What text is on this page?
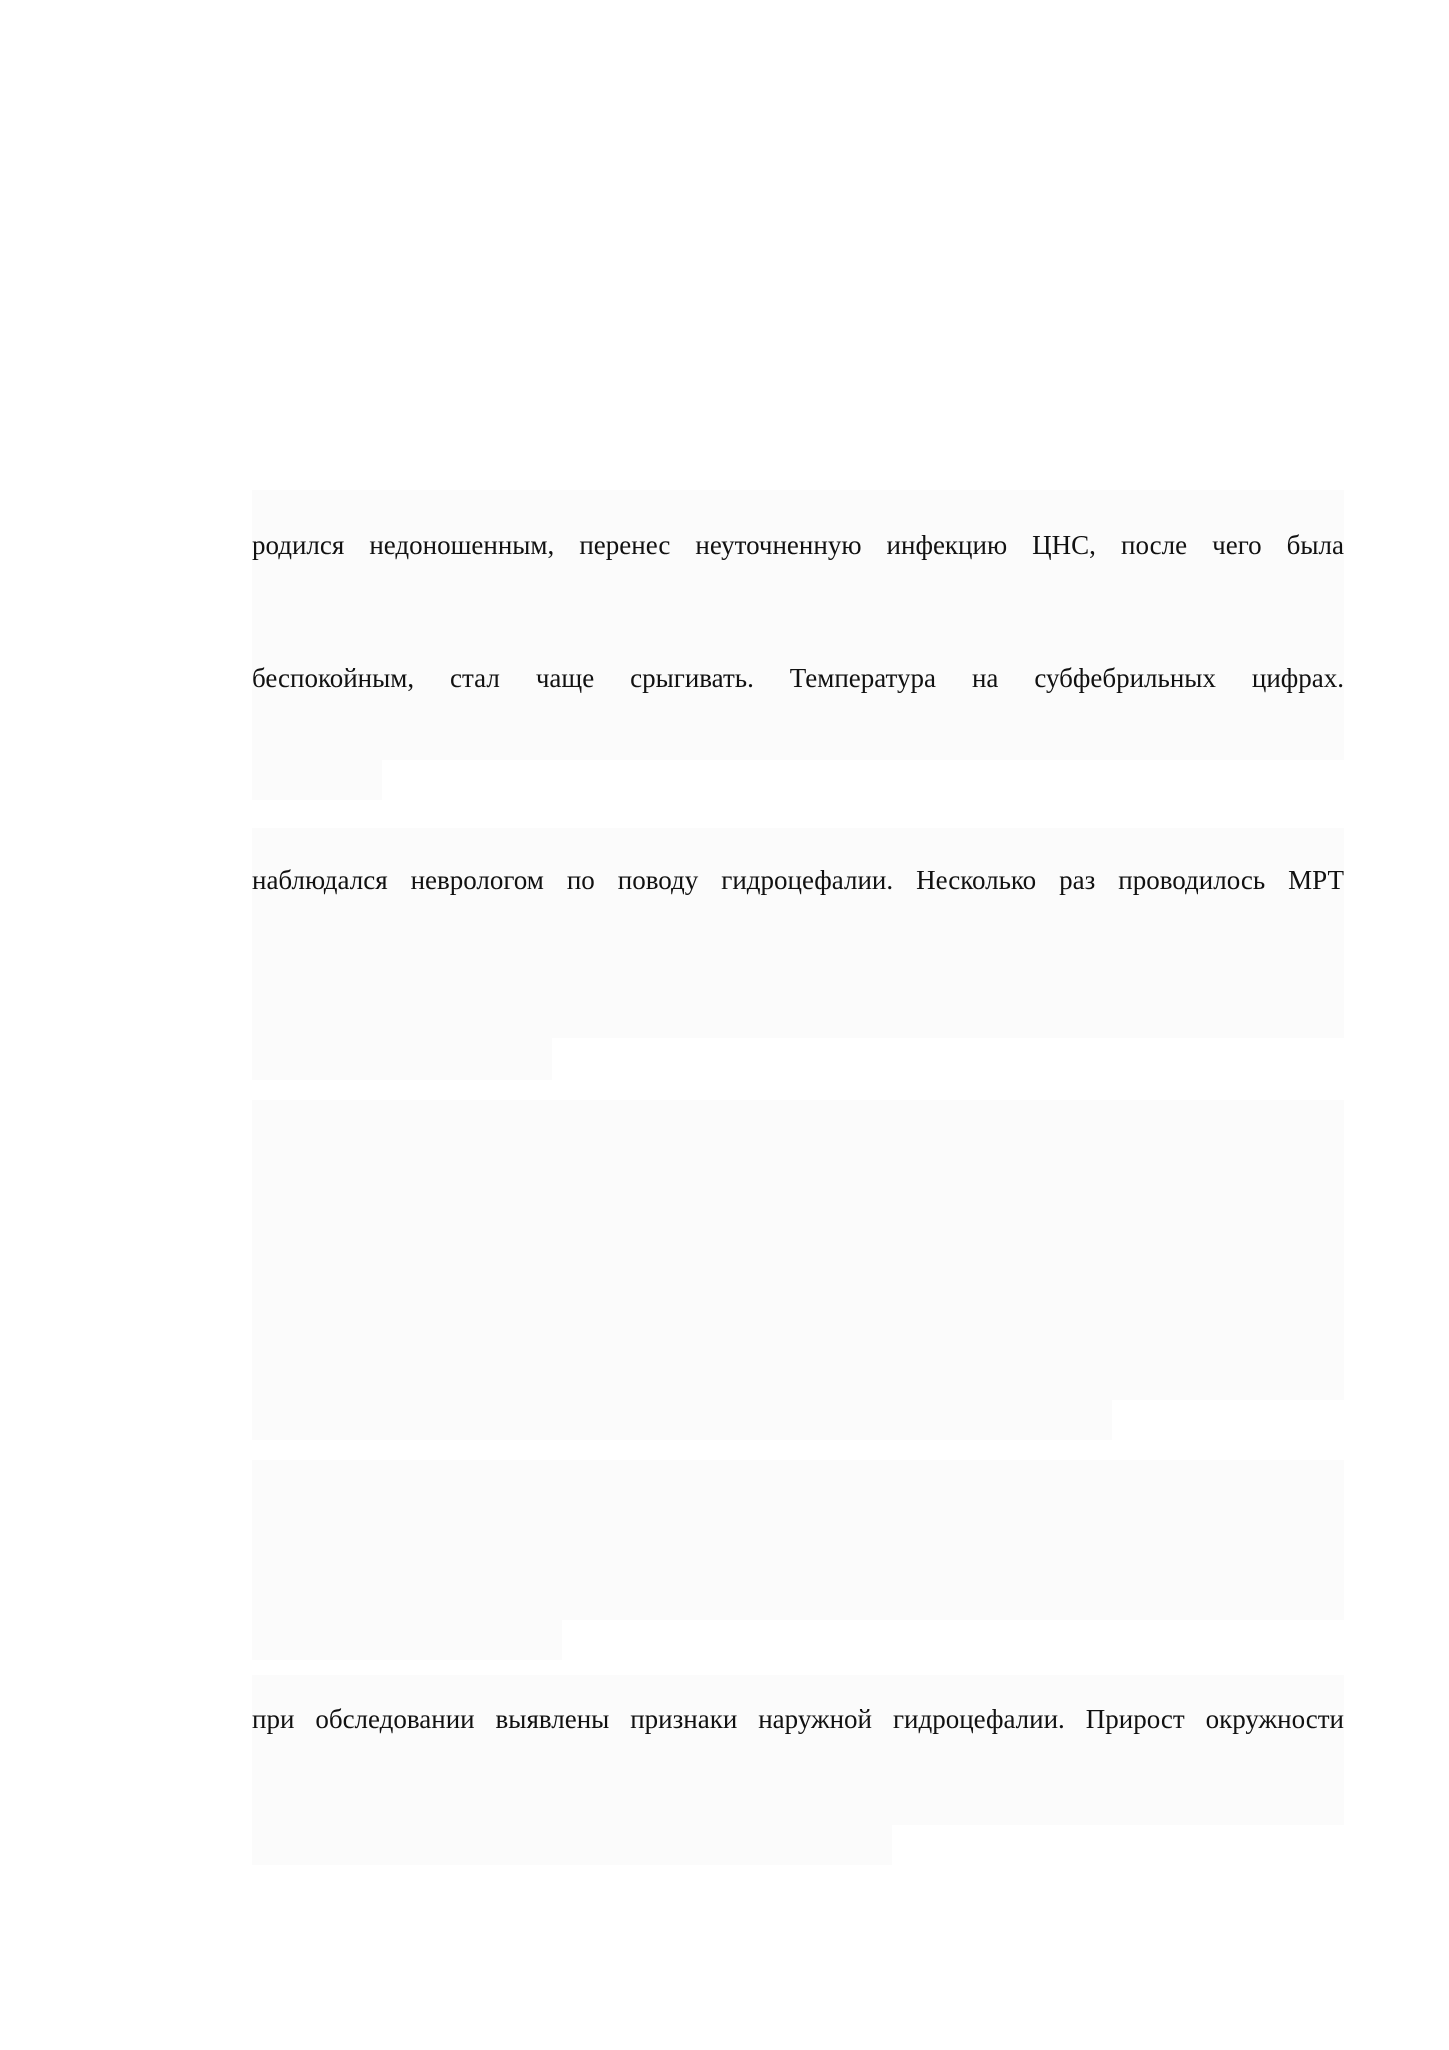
родился недоношенным, перенес неуточненную инфекцию ЦНС, после чего была
беспокойным, стал чаще срыгивать. Температура на субфебрильных цифрах.
наблюдался неврологом по поводу гидроцефалии. Несколько раз проводилось МРТ
при обследовании выявлены признаки наружной гидроцефалии. Прирост окружности
